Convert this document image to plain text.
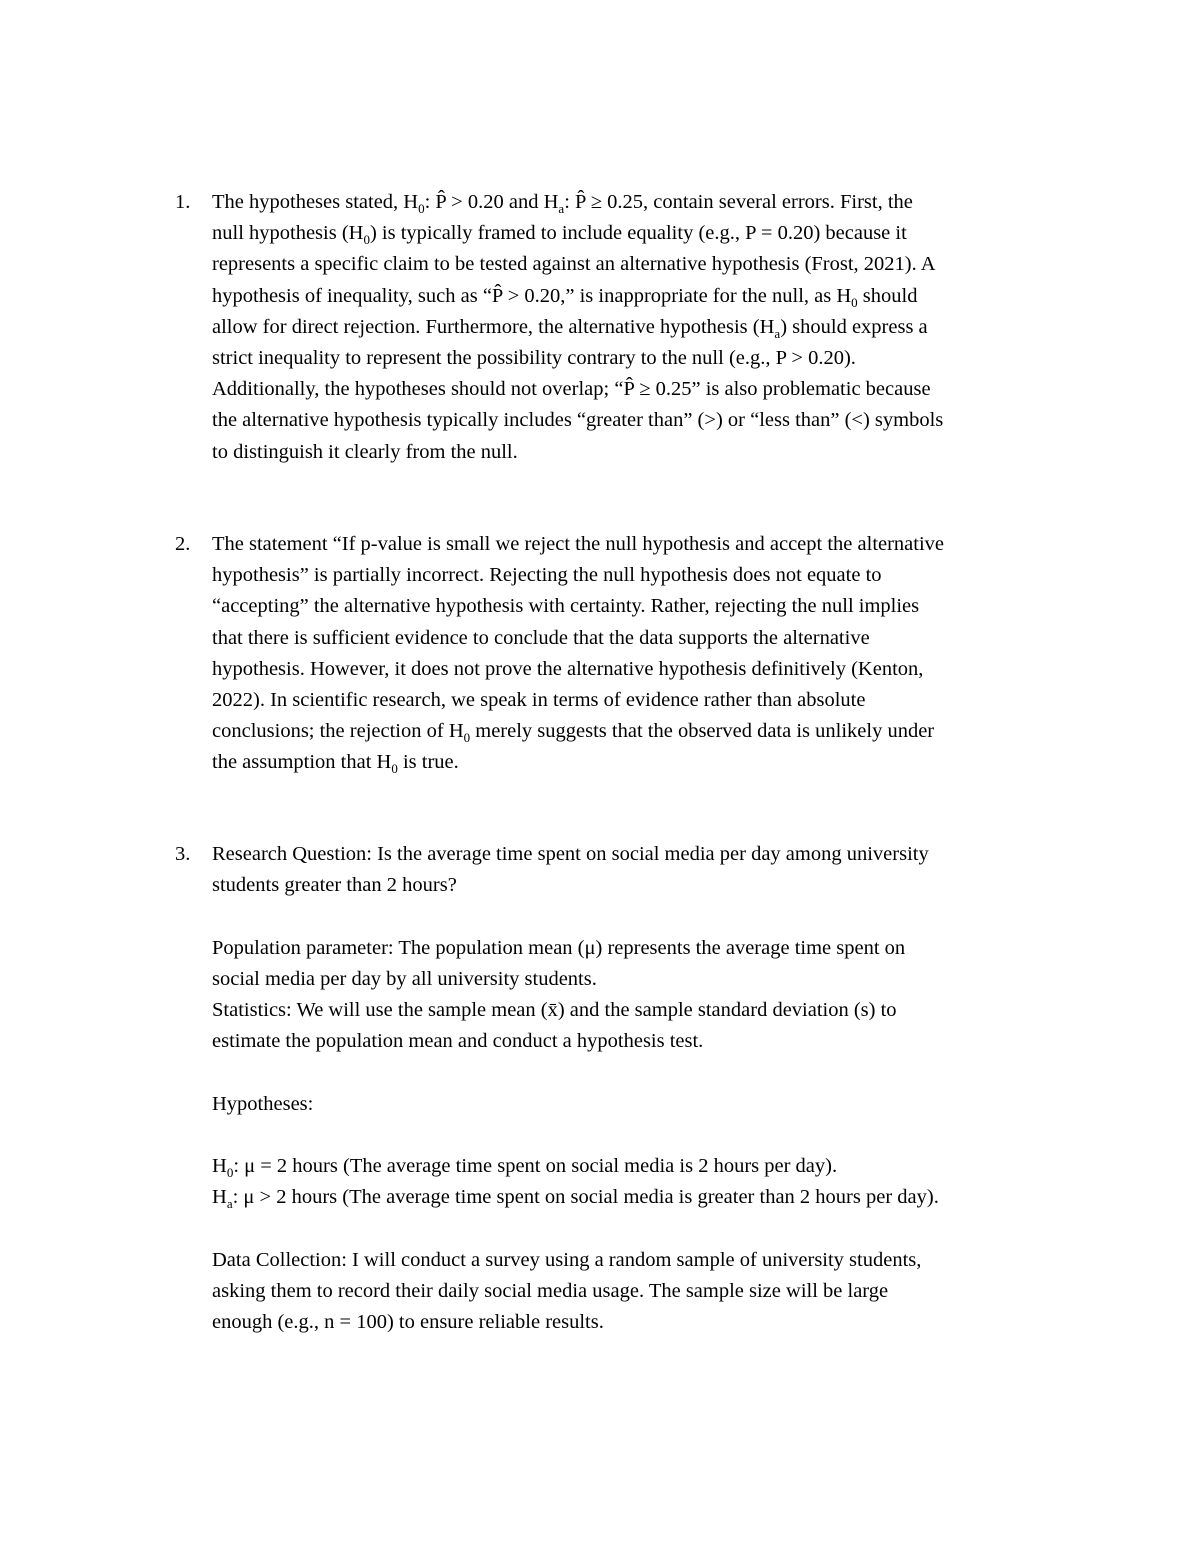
1.	The hypotheses stated, $H_0$: P̂ > 0.20 and $H_a$: P̂ ≥ 0.25, contain several errors. First, the
null hypothesis $(H_0)$ is typically framed to include equality (e.g., P = 0.20) because it
represents a specific claim to be tested against an alternative hypothesis (Frost, 2021). A
hypothesis of inequality, such as “P̂ > 0.20,” is inappropriate for the null, as $H_0$ should
allow for direct rejection. Furthermore, the alternative hypothesis $(H_a)$ should express a
strict inequality to represent the possibility contrary to the null (e.g., P > 0.20).
Additionally, the hypotheses should not overlap; “P̂ ≥ 0.25” is also problematic because
the alternative hypothesis typically includes “greater than” (>) or “less than” (<) symbols
to distinguish it clearly from the null.
2.	The statement “If p-value is small we reject the null hypothesis and accept the alternative
hypothesis” is partially incorrect. Rejecting the null hypothesis does not equate to
“accepting” the alternative hypothesis with certainty. Rather, rejecting the null implies
that there is sufficient evidence to conclude that the data supports the alternative
hypothesis. However, it does not prove the alternative hypothesis definitively (Kenton,
2022). In scientific research, we speak in terms of evidence rather than absolute
conclusions; the rejection of $H_0$ merely suggests that the observed data is unlikely under
the assumption that $H_0$ is true.
3.	Research Question: Is the average time spent on social media per day among university
students greater than 2 hours?
Population parameter: The population mean (μ) represents the average time spent on
social media per day by all university students.
Statistics: We will use the sample mean (x̄) and the sample standard deviation (s) to
estimate the population mean and conduct a hypothesis test.
Hypotheses:
$H_0$: μ = 2 hours (The average time spent on social media is 2 hours per day).
$H_a$: μ > 2 hours (The average time spent on social media is greater than 2 hours per day).
Data Collection: I will conduct a survey using a random sample of university students,
asking them to record their daily social media usage. The sample size will be large
enough (e.g., n = 100) to ensure reliable results.
